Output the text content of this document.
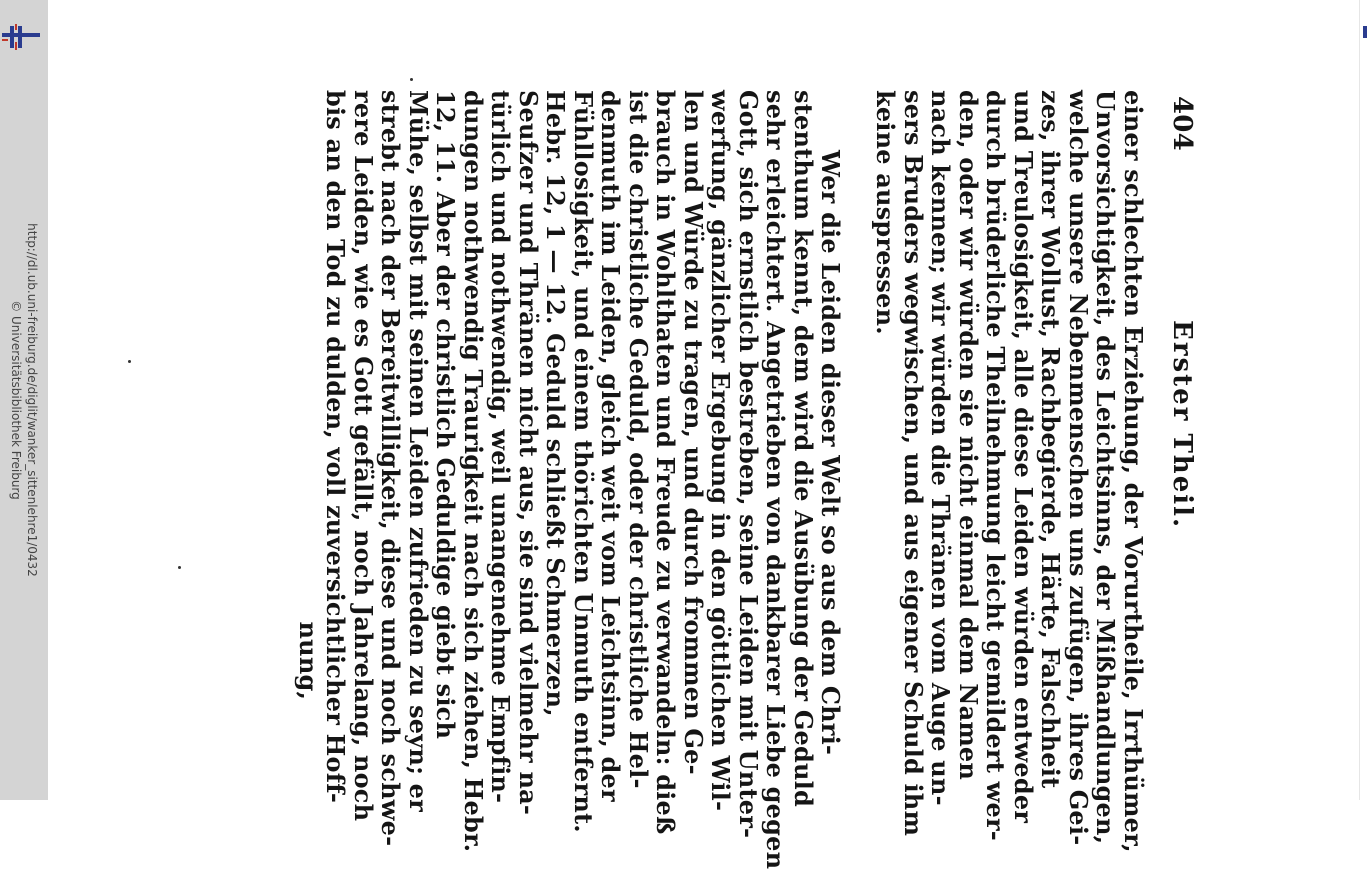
http://dl.ub.uni-freiburg.de/diglit/wanker_sittenlehre1/0432
© Universitätsbibliothek Freiburg
404
Erster Theil.
einer schlechten Erziehung, der Vorurtheile, Irrthümer,
Unvorsichtigkeit, des Leichtsinns, der Mißhandlungen,
welche unsere Nebenmenschen uns zufügen, ihres Gei-
zes, ihrer Wollust, Rachbegierde, Härte, Falschheit
und Treulosigkeit, alle diese Leiden würden entweder
durch brüderliche Theilnehmung leicht gemildert wer-
den, oder wir würden sie nicht einmal dem Namen
nach kennen; wir würden die Thränen vom Auge un-
sers Bruders wegwischen, und aus eigener Schuld ihm
keine auspressen.
Wer die Leiden dieser Welt so aus dem Chri-
stenthum kennt, dem wird die Ausübung der Geduld
sehr erleichtert. Angetrieben von dankbarer Liebe gegen
Gott, sich ernstlich bestreben, seine Leiden mit Unter-
werfung, gänzlicher Ergebung in den göttlichen Wil-
len und Würde zu tragen, und durch frommen Ge-
brauch in Wohlthaten und Freude zu verwandeln: dieß
ist die christliche Geduld, oder der christliche Hel-
denmuth im Leiden, gleich weit vom Leichtsinn, der
Fühllosigkeit, und einem thörichten Unmuth entfernt.
Hebr. 12, 1 — 12. Geduld schließt Schmerzen,
Seufzer und Thränen nicht aus, sie sind vielmehr na-
türlich und nothwendig, weil unangenehme Empfin-
dungen nothwendig Traurigkeit nach sich ziehen, Hebr.
12, 11. Aber der christlich Geduldige giebt sich
Mühe, selbst mit seinen Leiden zufrieden zu seyn; er
strebt nach der Bereitwilligkeit, diese und noch schwe-
rere Leiden, wie es Gott gefällt, noch Jahrelang, noch
bis an den Tod zu dulden, voll zuversichtlicher Hoff-
nung,
